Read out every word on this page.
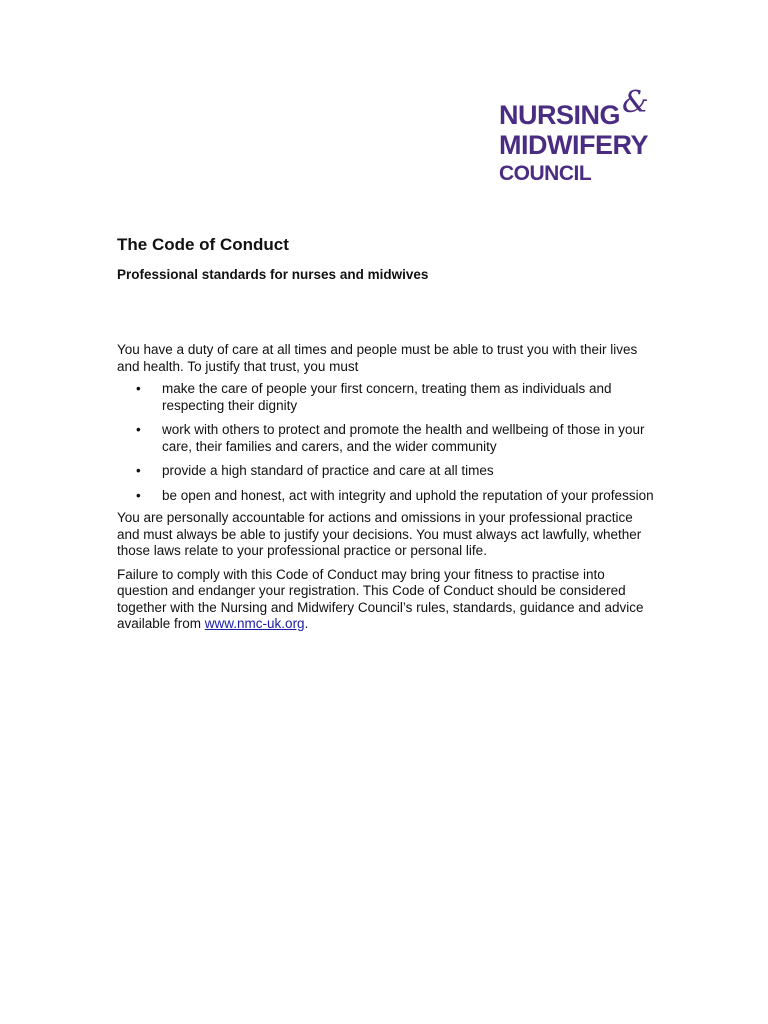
NURSING&
MIDWIFERY
COUNCIL
The Code of Conduct
Professional standards for nurses and midwives

You have a duty of care at all times and people must be able to trust you with their lives and health. To justify that trust, you must

• make the care of people your first concern, treating them as individuals and respecting their dignity
• work with others to protect and promote the health and wellbeing of those in your care, their families and carers, and the wider community
• provide a high standard of practice and care at all times
• be open and honest, act with integrity and uphold the reputation of your profession

You are personally accountable for actions and omissions in your professional practice and must always be able to justify your decisions. You must always act lawfully, whether those laws relate to your professional practice or personal life.

Failure to comply with this Code of Conduct may bring your fitness to practise into question and endanger your registration. This Code of Conduct should be considered together with the Nursing and Midwifery Council’s rules, standards, guidance and advice available from www.nmc-uk.org.
